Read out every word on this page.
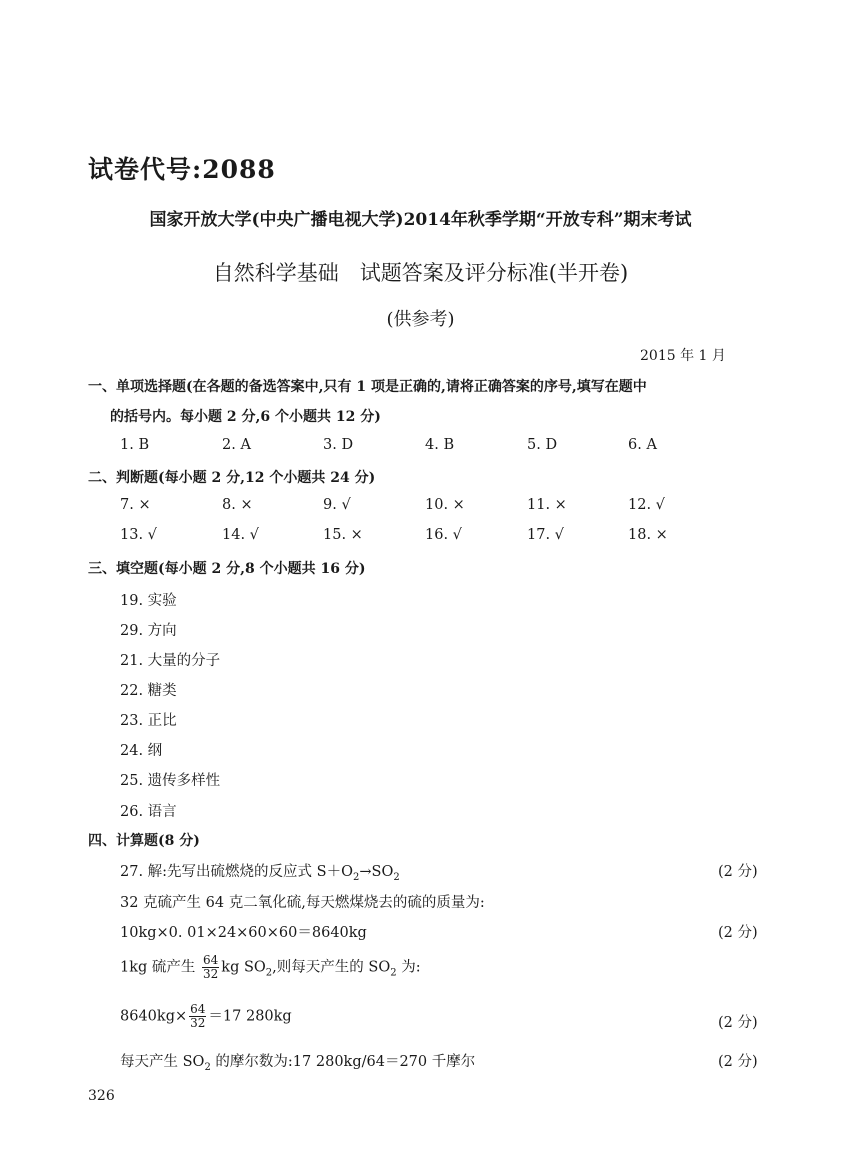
试卷代号:2088
国家开放大学(中央广播电视大学)2014年秋季学期“开放专科”期末考试
自然科学基础　试题答案及评分标准(半开卷)
(供参考)
2015 年 1 月
一、单项选择题(在各题的备选答案中,只有 1 项是正确的,请将正确答案的序号,填写在题中
的括号内。每小题 2 分,6 个小题共 12 分)
1. B	2. A	3. D	4. B	5. D	6. A
二、判断题(每小题 2 分,12 个小题共 24 分)
7. ×	8. ×	9. √	10. ×	11. ×	12. √
13. √	14. √	15. ×	16. √	17. √	18. ×
三、填空题(每小题 2 分,8 个小题共 16 分)
19. 实验
29. 方向
21. 大量的分子
22. 糖类
23. 正比
24. 纲
25. 遗传多样性
26. 语言
四、计算题(8 分)
27. 解:先写出硫燃烧的反应式 $S+O_2\to SO_2$	(2 分)
32 克硫产生 64 克二氧化硫,每天燃煤烧去的硫的质量为:
10kg×0. 01×24×60×60＝8640kg	(2 分)
1kg 硫产生 $\frac{64}{32}$ kg $SO_2$,则每天产生的 $SO_2$ 为:
$8640kg\times \frac{64}{32} =17$ 280kg	(2 分)
每天产生 $SO_2$ 的摩尔数为:17 280kg/64＝270 千摩尔	(2 分)
326
